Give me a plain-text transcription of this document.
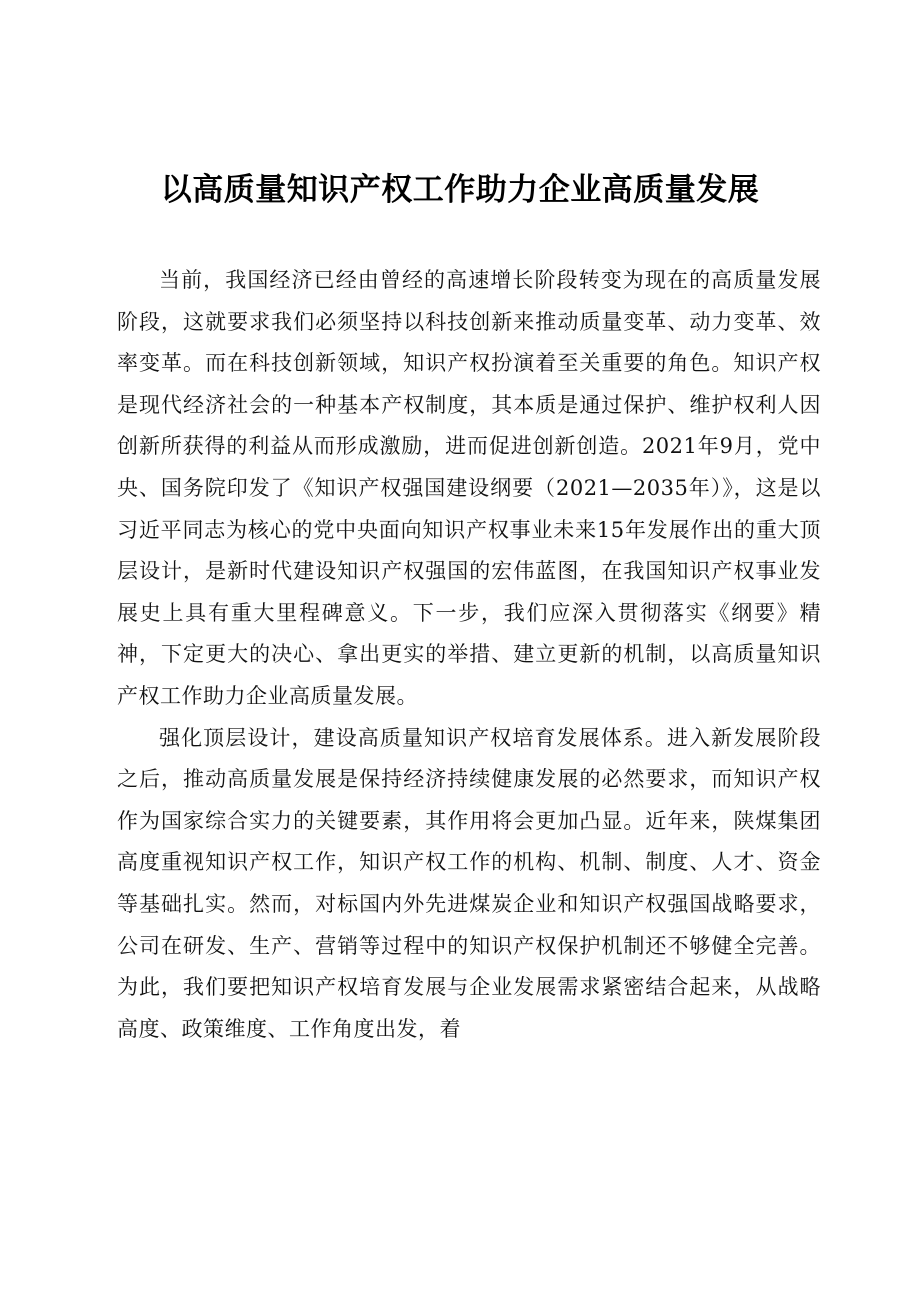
以高质量知识产权工作助力企业高质量发展

当前，我国经济已经由曾经的高速增长阶段转变为现在的高质量发展阶段，这就要求我们必须坚持以科技创新来推动质量变革、动力变革、效率变革。而在科技创新领域，知识产权扮演着至关重要的角色。知识产权是现代经济社会的一种基本产权制度，其本质是通过保护、维护权利人因创新所获得的利益从而形成激励，进而促进创新创造。2021年9月，党中央、国务院印发了《知识产权强国建设纲要（2021—2035年）》，这是以习近平同志为核心的党中央面向知识产权事业未来15年发展作出的重大顶层设计，是新时代建设知识产权强国的宏伟蓝图，在我国知识产权事业发展史上具有重大里程碑意义。下一步，我们应深入贯彻落实《纲要》精神，下定更大的决心、拿出更实的举措、建立更新的机制，以高质量知识产权工作助力企业高质量发展。

强化顶层设计，建设高质量知识产权培育发展体系。进入新发展阶段之后，推动高质量发展是保持经济持续健康发展的必然要求，而知识产权作为国家综合实力的关键要素，其作用将会更加凸显。近年来，陕煤集团高度重视知识产权工作，知识产权工作的机构、机制、制度、人才、资金等基础扎实。然而，对标国内外先进煤炭企业和知识产权强国战略要求，公司在研发、生产、营销等过程中的知识产权保护机制还不够健全完善。为此，我们要把知识产权培育发展与企业发展需求紧密结合起来，从战略高度、政策维度、工作角度出发，着
